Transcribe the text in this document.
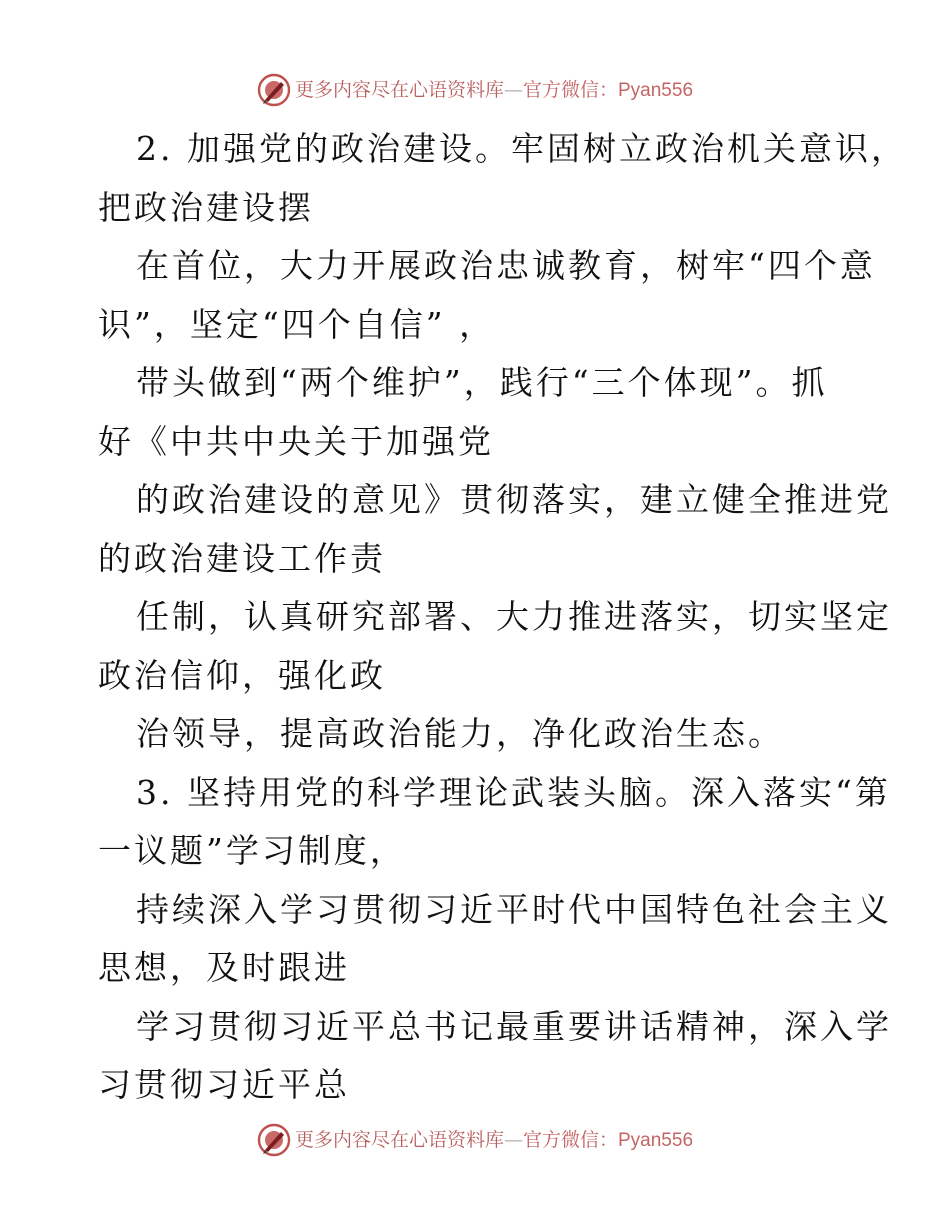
更多内容尽在心语资料库—官方微信：Pyan556
2. 加强党的政治建设。牢固树立政治机关意识，
把政治建设摆
在首位，大力开展政治忠诚教育，树牢“四个意
识”，坚定“四个自信” ，
带头做到“两个维护”，践行“三个体现”。抓
好《中共中央关于加强党
的政治建设的意见》贯彻落实，建立健全推进党
的政治建设工作责
任制，认真研究部署、大力推进落实，切实坚定
政治信仰，强化政
治领导，提高政治能力，净化政治生态。
3. 坚持用党的科学理论武装头脑。深入落实“第
一议题”学习制度，
持续深入学习贯彻习近平时代中国特色社会主义
思想，及时跟进
学习贯彻习近平总书记最重要讲话精神，深入学
习贯彻习近平总
更多内容尽在心语资料库—官方微信：Pyan556
